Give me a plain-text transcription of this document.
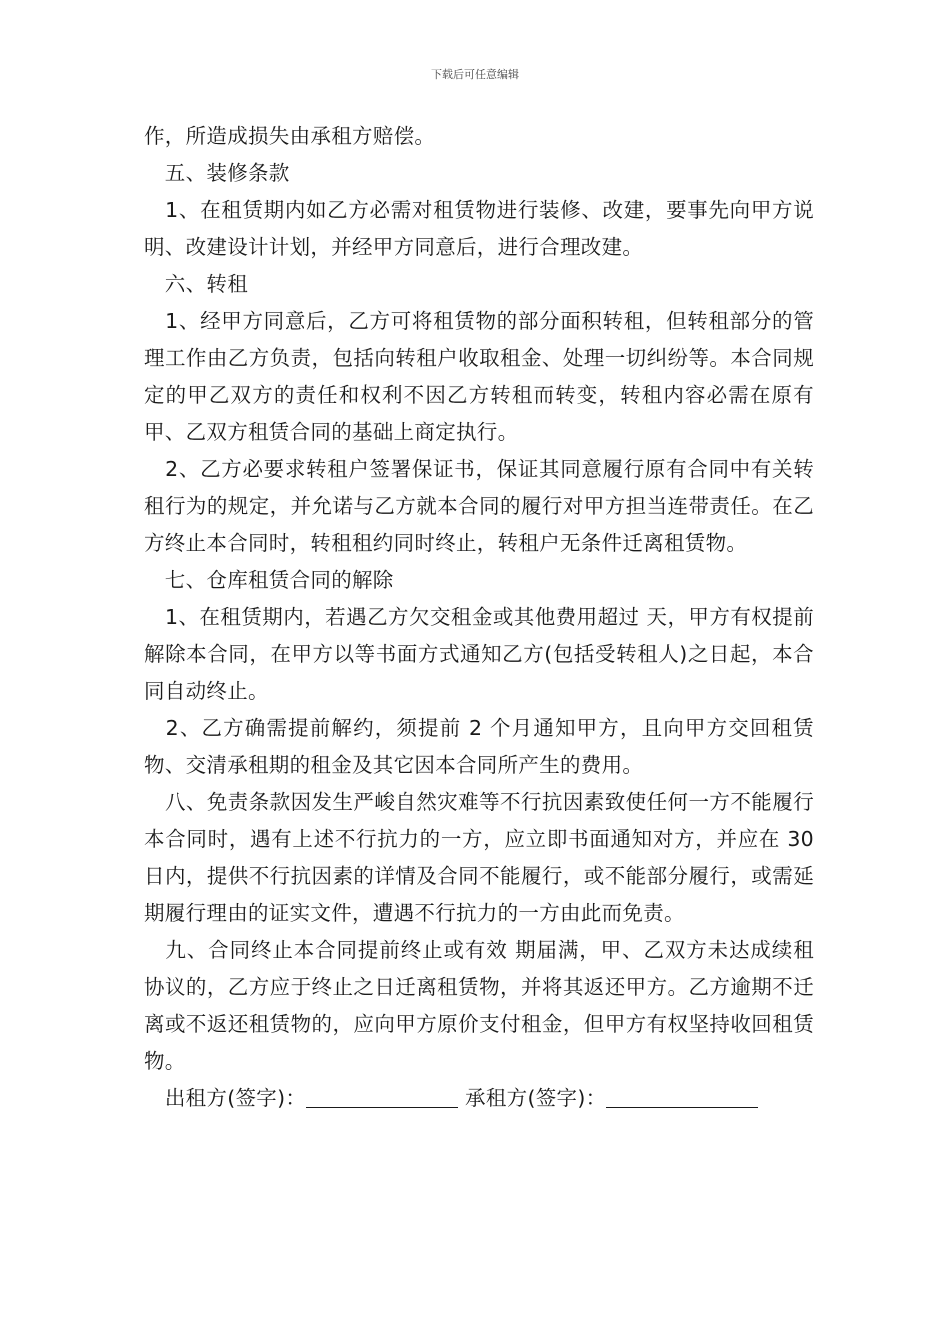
下载后可任意编辑

作，所造成损失由承租方赔偿。

　五、装修条款

　1、在租赁期内如乙方必需对租赁物进行装修、改建，要事先向甲方说明、改建设计计划，并经甲方同意后，进行合理改建。

　六、转租

　1、经甲方同意后，乙方可将租赁物的部分面积转租，但转租部分的管理工作由乙方负责，包括向转租户收取租金、处理一切纠纷等。本合同规定的甲乙双方的责任和权利不因乙方转租而转变，转租内容必需在原有甲、乙双方租赁合同的基础上商定执行。

　2、乙方必要求转租户签署保证书，保证其同意履行原有合同中有关转租行为的规定，并允诺与乙方就本合同的履行对甲方担当连带责任。在乙方终止本合同时，转租租约同时终止，转租户无条件迁离租赁物。

　七、仓库租赁合同的解除

　1、在租赁期内，若遇乙方欠交租金或其他费用超过 天，甲方有权提前解除本合同，在甲方以等书面方式通知乙方(包括受转租人)之日起，本合同自动终止。

　2、乙方确需提前解约，须提前 2 个月通知甲方，且向甲方交回租赁物、交清承租期的租金及其它因本合同所产生的费用。

　八、免责条款因发生严峻自然灾难等不行抗因素致使任何一方不能履行本合同时，遇有上述不行抗力的一方，应立即书面通知对方，并应在 30 日内，提供不行抗因素的详情及合同不能履行，或不能部分履行，或需延期履行理由的证实文件，遭遇不行抗力的一方由此而免责。

　九、合同终止本合同提前终止或有效 期届满，甲、乙双方未达成续租协议的，乙方应于终止之日迁离租赁物，并将其返还甲方。乙方逾期不迁离或不返还租赁物的，应向甲方原价支付租金，但甲方有权坚持收回租赁物。

　出租方(签字)：	承租方(签字)：
